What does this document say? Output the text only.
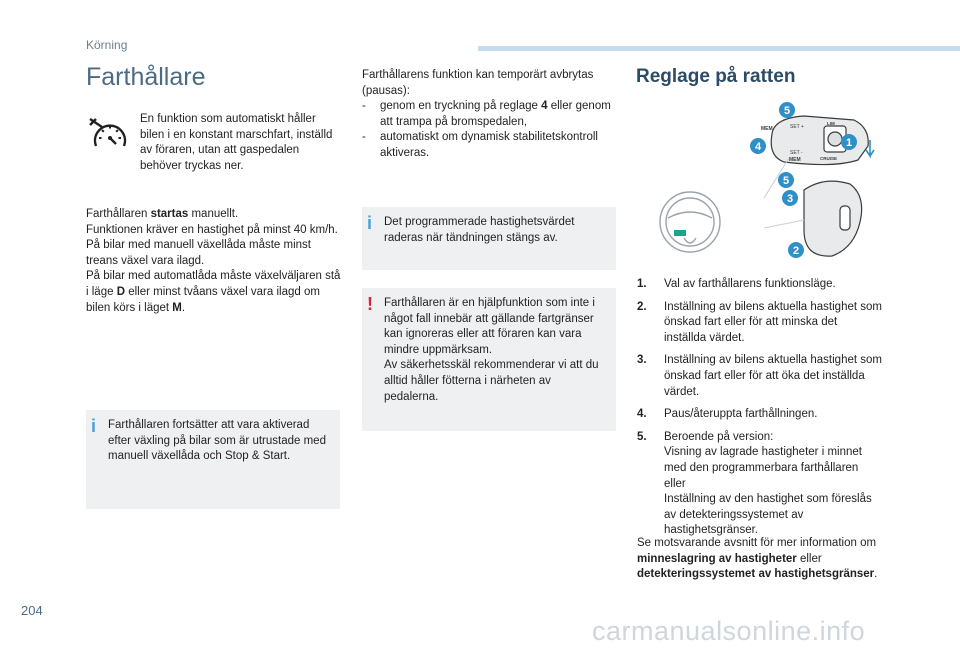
Körning
Farthållare
En funktion som automatiskt håller bilen i en konstant marschfart, inställd av föraren, utan att gaspedalen behöver tryckas ner.
Farthållaren startas manuellt.
Funktionen kräver en hastighet på minst 40 km/h.
På bilar med manuell växellåda måste minst treans växel vara ilagd.
På bilar med automatlåda måste växelväljaren stå i läge D eller minst tvåans växel vara ilagd om bilen körs i läget M.
i	Farthållaren fortsätter att vara aktiverad efter växling på bilar som är utrustade med manuell växellåda och Stop & Start.
Farthållarens funktion kan temporärt avbrytas (pausas):
- genom en tryckning på reglage 4 eller genom att trampa på bromspedalen,
- automatiskt om dynamisk stabilitetskontroll aktiveras.
i	Det programmerade hastighetsvärdet raderas när tändningen stängs av.
! Farthållaren är en hjälpfunktion som inte i något fall innebär att gällande fartgränser kan ignoreras eller att föraren kan vara mindre uppmärksam.
Av säkerhetsskäl rekommenderar vi att du alltid håller fötterna i närheten av pedalerna.
Reglage på ratten
SET +
SET -
MEM
MEM
LIM
CRUISE
5
1
4
5
3
2
1. Val av farthållarens funktionsläge.
2. Inställning av bilens aktuella hastighet som önskad fart eller för att minska det inställda värdet.
3. Inställning av bilens aktuella hastighet som önskad fart eller för att öka det inställda värdet.
4. Paus/återuppta farthållningen.
5. Beroende på version:
Visning av lagrade hastigheter i minnet med den programmerbara farthållaren
eller
Inställning av den hastighet som föreslås av detekteringssystemet av hastighetsgränser.
Se motsvarande avsnitt för mer information om minneslagring av hastigheter eller detekteringssystemet av hastighetsgränser.
204
carmanualsonline.info
